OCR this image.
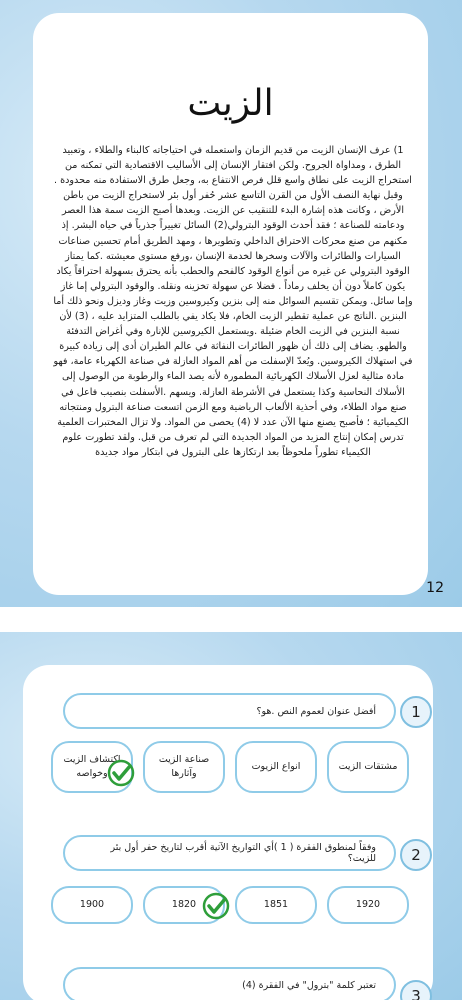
الزيت
1) عرف الإنسان الزيت من قديم الزمان واستعمله في احتياجاته كالبناء والطلاء ، وتعبيد الطرق ، ومداواة الجروح. ولكن افتقار الإنسان إلى الأساليب الاقتصادية التي تمكنه من استخراج الزيت على نطاق واسع قلل فرص الانتفاع به، وجعل طرق الاستفادة منه محدودة . وقبل نهاية النصف الأول من القرن التاسع عشر حُفر أول بئر لاستخراج الزيت من باطن الأرض ، وكانت هذه إشارة البدء للتنقيب عن الزيت. وبعدها أصبح الزيت سمة هذا العصر ودعامته للصناعة ؛ فقد أحدث الوقود البترولي(2) السائل تغييراً جذرياً في حياه البشر. إذ مكنهم من صنع محركات الاحتراق الداخلي وتطويرها ، ومهد الطريق أمام تحسين صناعات السيارات والطائرات والآلات وسخرها لخدمة الإنسان ،ورفع مستوى معيشته .كما يمتاز الوقود البترولي عن غيره من أنواع الوقود كالفحم والحطب بأنه يحترق بسهولة احتراقاً يكاد يكون كاملاً دون أن يخلف رماداً . فضلا عن سهولة تخزينه ونقله. والوقود البترولي إما غاز وإما سائل. ويمكن تقسيم السوائل منه إلى بنزين وكيروسين وزيت وغاز وديزل ونحو ذلك أما البنزين .الناتج عن عملية تقطير الزيت الخام، فلا يكاد يفي بالطلب المتزايد عليه ، (3) لأن نسبة البنزين في الزيت الخام ضئيلة .ويستعمل الكيروسين للإنارة وفي أغراض التدفئة والطهو. يضاف إلى ذلك أن ظهور الطائرات النفاثة في عالم الطيران أدى إلى زيادة كبيرة في استهلاك الكيروسين. ويُعدّ الإسفلت من أهم المواد العازلة في صناعة الكهرباء عامة، فهو مادة مثالية لعزل الأسلاك الكهربائية المطمورة لأنه يصد الماء والرطوبة من الوصول إلى الأسلاك النحاسية وكذا يستعمل في الأشرطة العازلة. ويسهم .الأسفلت بنصيب فاعل في صنع مواد الطلاء، وفي أحذية الألعاب الرياضية ومع الزمن اتسعت صناعة البترول ومنتجاته الكيميائية ؛ فأصبح يصنع منها الآن عدد لا (4) يحصى من المواد. ولا تزال المختبرات العلمية تدرس إمكان إنتاج المزيد من المواد الجديدة التي لم تعرف من قبل. ولقد تطورت علوم الكيمياء تطوراً ملحوظاً بعد ارتكازها على البترول في ابتكار مواد جديدة
12
أفضل عنوان لعموم النص .هو؟	1
مشتقات الزيت
انواع الزيوت
صناعة الزيت وآثارها
اكتشاف الزيت وخواصه
وفقاً لمنطوق الفقرة ( 1 )أي التواريخ الآتية أقرب لتاريخ حفر أول بئر للزيت؟	2
1920
1851
1820
1900
تعتبر كلمة "بترول" في الفقرة (4)
3
